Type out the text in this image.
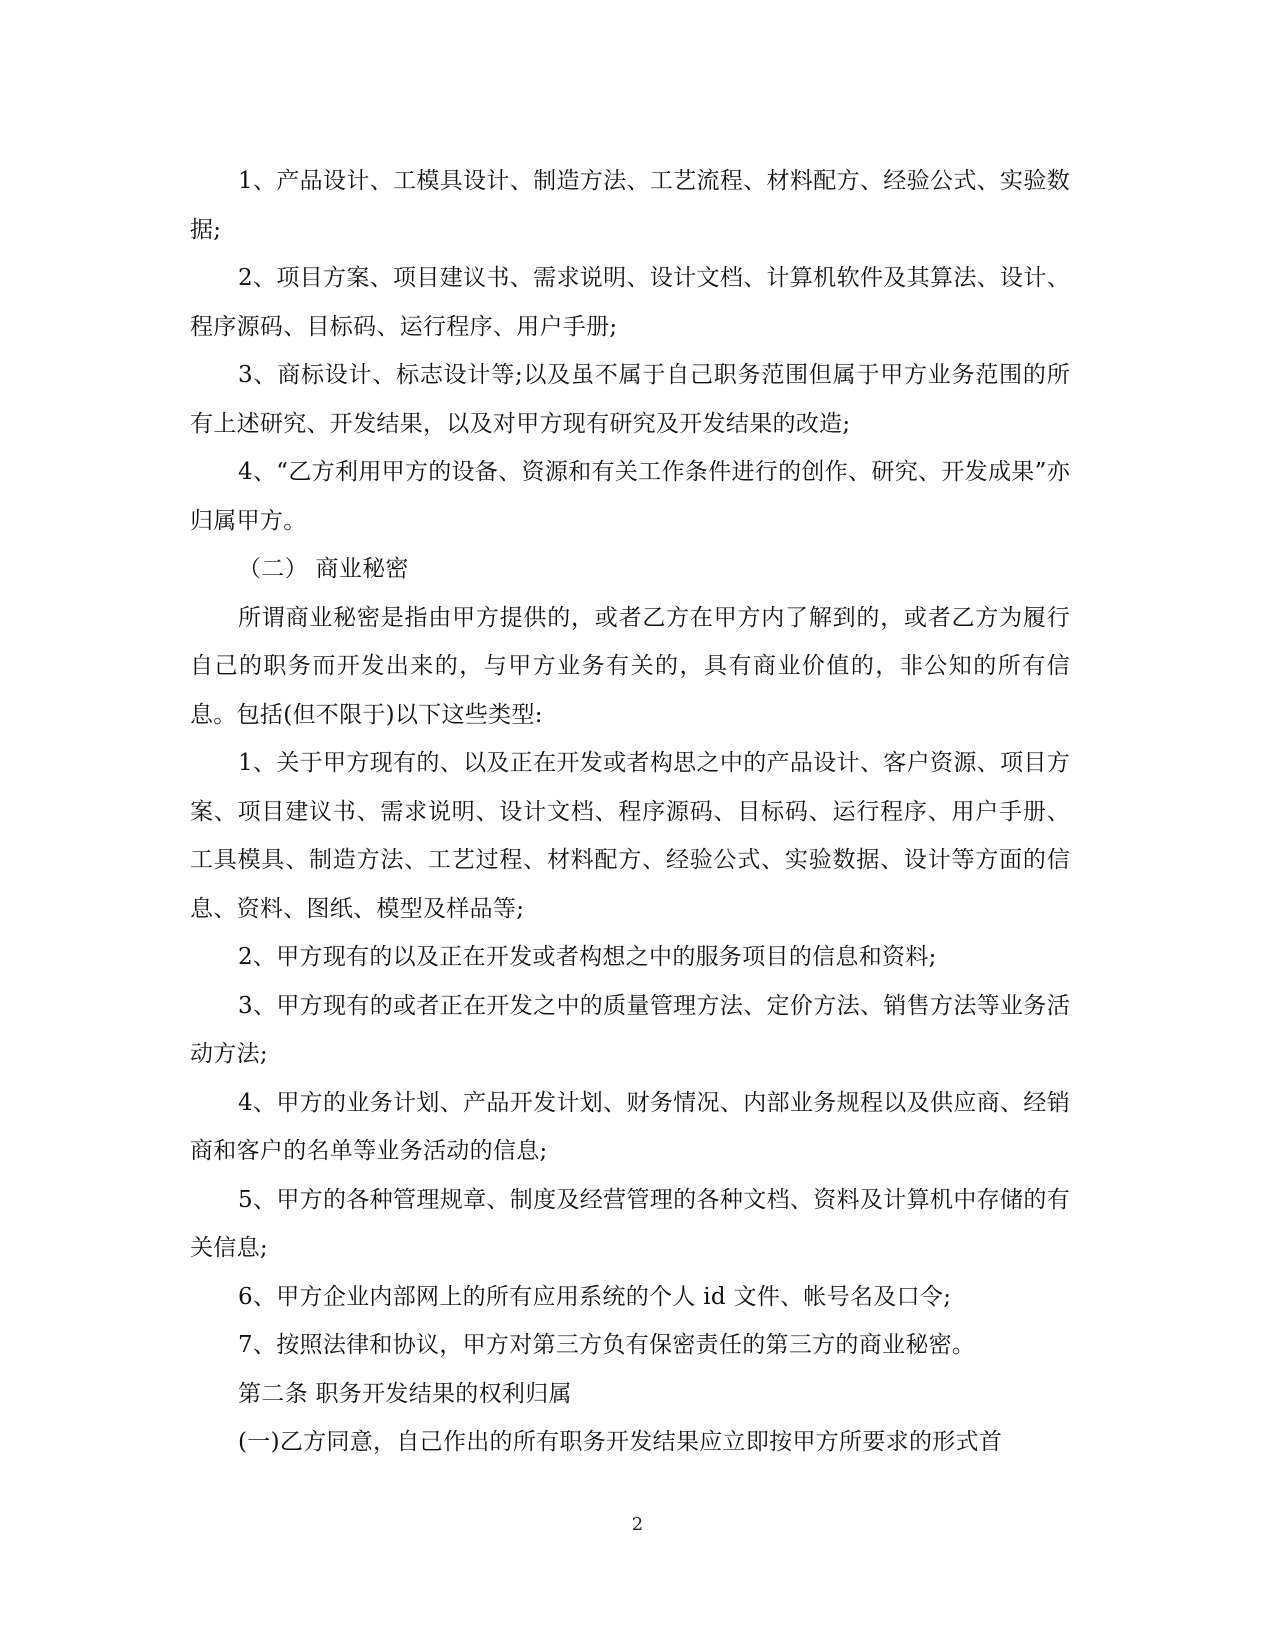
1、产品设计、工模具设计、制造方法、工艺流程、材料配方、经验公式、实验数据;

2、项目方案、项目建议书、需求说明、设计文档、计算机软件及其算法、设计、程序源码、目标码、运行程序、用户手册;

3、商标设计、标志设计等;以及虽不属于自己职务范围但属于甲方业务范围的所有上述研究、开发结果，以及对甲方现有研究及开发结果的改造;

4、“乙方利用甲方的设备、资源和有关工作条件进行的创作、研究、开发成果”亦归属甲方。

（二） 商业秘密

所谓商业秘密是指由甲方提供的，或者乙方在甲方内了解到的，或者乙方为履行自己的职务而开发出来的，与甲方业务有关的，具有商业价值的，非公知的所有信息。包括(但不限于)以下这些类型:

1、关于甲方现有的、以及正在开发或者构思之中的产品设计、客户资源、项目方案、项目建议书、需求说明、设计文档、程序源码、目标码、运行程序、用户手册、工具模具、制造方法、工艺过程、材料配方、经验公式、实验数据、设计等方面的信息、资料、图纸、模型及样品等;

2、甲方现有的以及正在开发或者构想之中的服务项目的信息和资料;

3、甲方现有的或者正在开发之中的质量管理方法、定价方法、销售方法等业务活动方法;

4、甲方的业务计划、产品开发计划、财务情况、内部业务规程以及供应商、经销商和客户的名单等业务活动的信息;

5、甲方的各种管理规章、制度及经营管理的各种文档、资料及计算机中存储的有关信息;

6、甲方企业内部网上的所有应用系统的个人 id 文件、帐号名及口令;

7、按照法律和协议，甲方对第三方负有保密责任的第三方的商业秘密。

第二条 职务开发结果的权利归属

(一)乙方同意，自己作出的所有职务开发结果应立即按甲方所要求的形式首

2
